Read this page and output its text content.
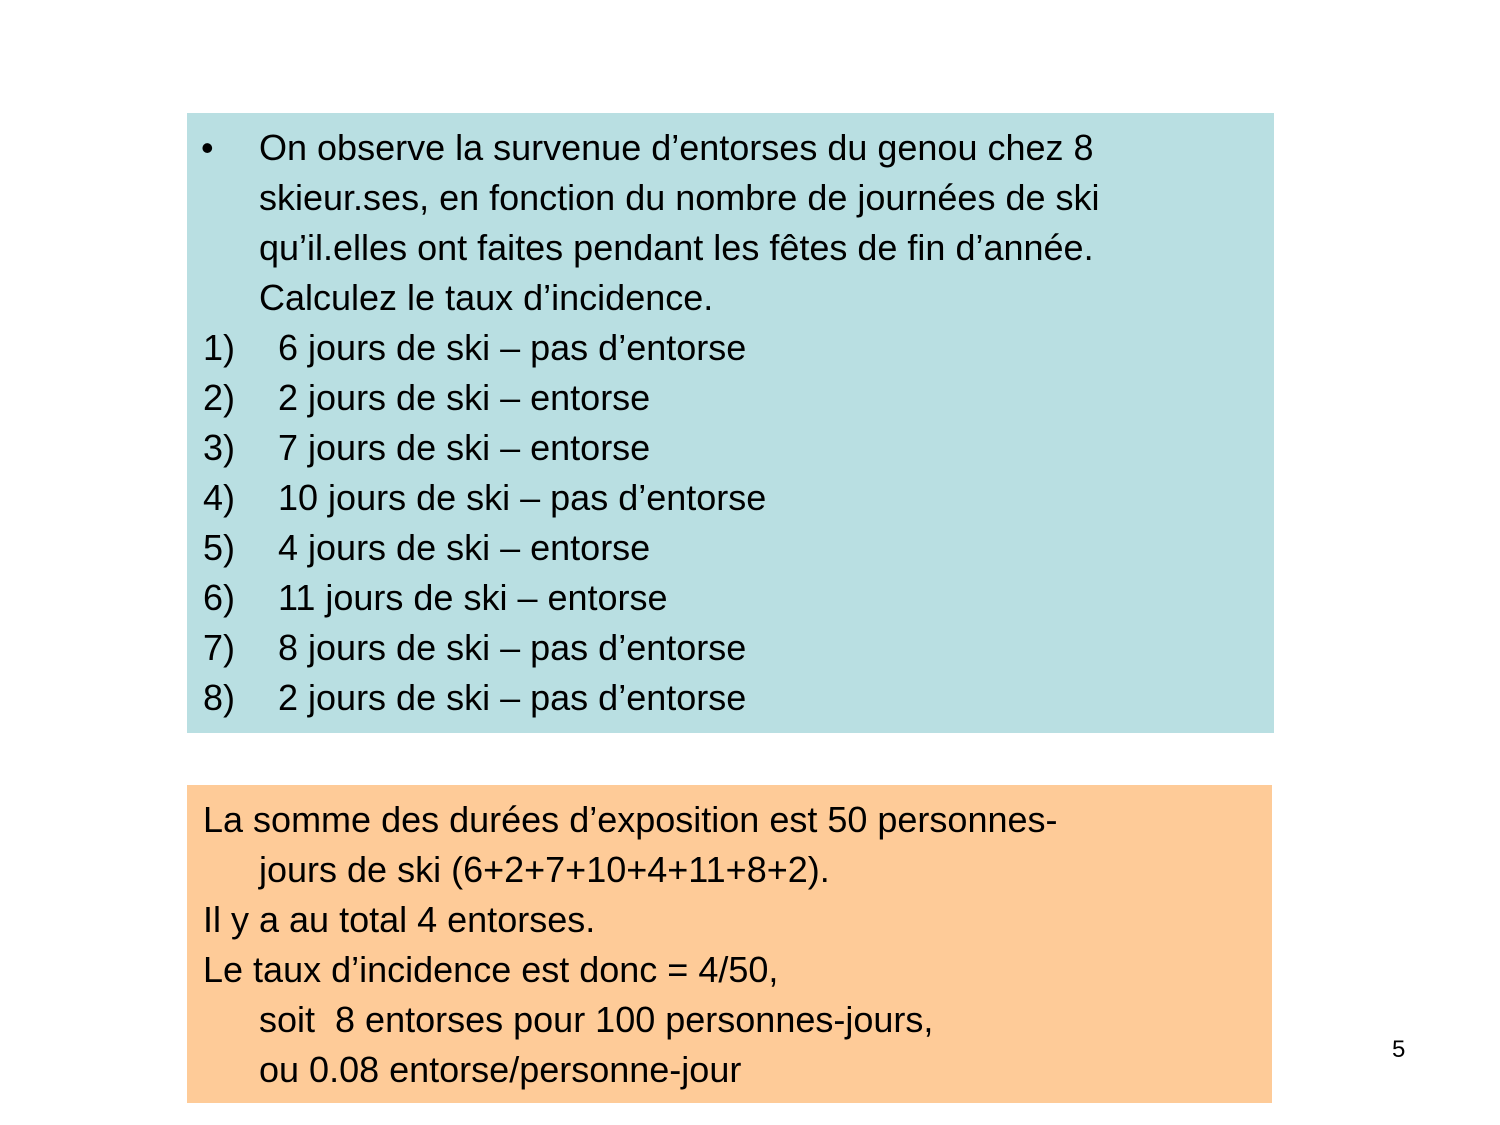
• On observe la survenue d’entorses du genou chez 8
skieur.ses, en fonction du nombre de journées de ski
qu’il.elles ont faites pendant les fêtes de fin d’année.
Calculez le taux d’incidence.
1) 6 jours de ski – pas d’entorse
2) 2 jours de ski – entorse
3) 7 jours de ski – entorse
4) 10 jours de ski – pas d’entorse
5) 4 jours de ski – entorse
6) 11 jours de ski – entorse
7) 8 jours de ski – pas d’entorse
8) 2 jours de ski – pas d’entorse
La somme des durées d’exposition est 50 personnes-
jours de ski (6+2+7+10+4+11+8+2).
Il y a au total 4 entorses.
Le taux d’incidence est donc = 4/50,
soit  8 entorses pour 100 personnes-jours,
ou 0.08 entorse/personne-jour	5
